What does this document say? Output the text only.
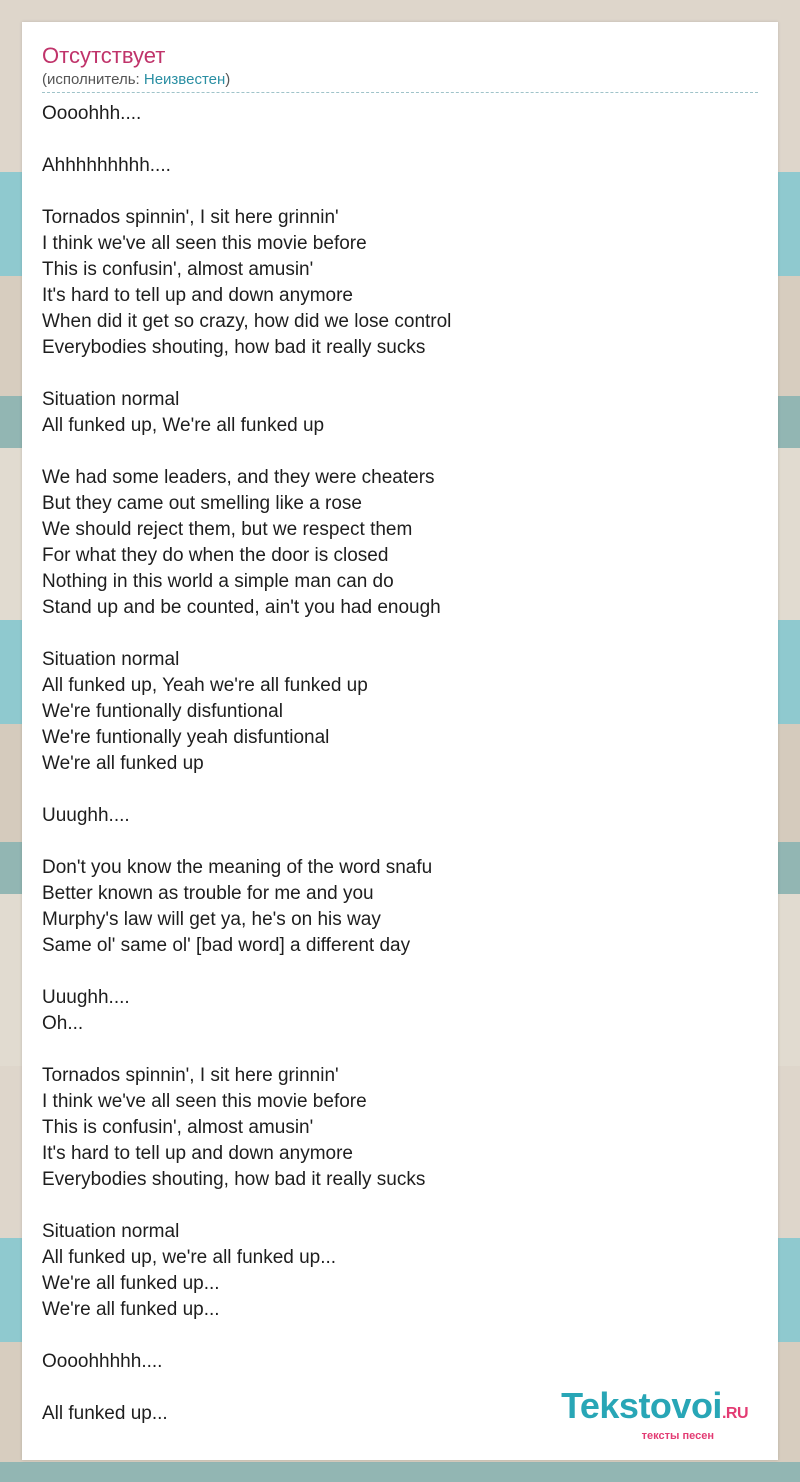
Отсутствует
(исполнитель: Неизвестен)
Oooohhh....

Ahhhhhhhhh....

Tornados spinnin', I sit here grinnin'
I think we've all seen this movie before
This is confusin', almost amusin'
It's hard to tell up and down anymore
When did it get so crazy, how did we lose control
Everybodies shouting, how bad it really sucks

Situation normal
All funked up, We're all funked up

We had some leaders, and they were cheaters
But they came out smelling like a rose
We should reject them, but we respect them
For what they do when the door is closed
Nothing in this world a simple man can do
Stand up and be counted, ain't you had enough

Situation normal
All funked up, Yeah we're all funked up
We're funtionally disfuntional
We're funtionally yeah disfuntional
We're all funked up

Uuughh....

Don't you know the meaning of the word snafu
Better known as trouble for me and you
Murphy's law will get ya, he's on his way
Same ol' same ol' [bad word] a different day

Uuughh....
Oh...

Tornados spinnin', I sit here grinnin'
I think we've all seen this movie before
This is confusin', almost amusin'
It's hard to tell up and down anymore
Everybodies shouting, how bad it really sucks

Situation normal
All funked up, we're all funked up...
We're all funked up...
We're all funked up...

Oooohhhhh....

All funked up...	Tekstovoi.RU
тексты песен
